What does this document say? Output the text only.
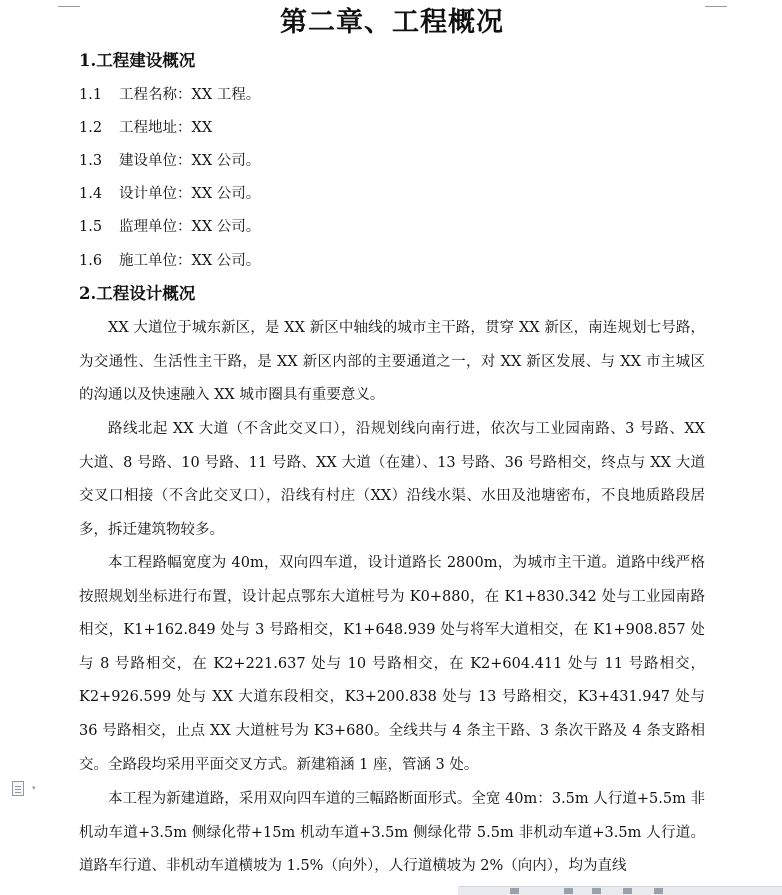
第二章、工程概况
1.工程建设概况
1.1 工程名称：XX 工程。
1.2 工程地址：XX
1.3 建设单位：XX 公司。
1.4 设计单位：XX 公司。
1.5 监理单位：XX 公司。
1.6 施工单位：XX 公司。
2.工程设计概况

XX 大道位于城东新区，是 XX 新区中轴线的城市主干路，贯穿 XX 新区，南连规划七号路，为交通性、生活性主干路，是 XX 新区内部的主要通道之一，对 XX 新区发展、与 XX 市主城区的沟通以及快速融入 XX 城市圈具有重要意义。

路线北起 XX 大道（不含此交叉口），沿规划线向南行进，依次与工业园南路、3 号路、XX 大道、8 号路、10 号路、11 号路、XX 大道（在建）、13 号路、36 号路相交，终点与 XX 大道交叉口相接（不含此交叉口），沿线有村庄（XX）沿线水渠、水田及池塘密布，不良地质路段居多，拆迁建筑物较多。

本工程路幅宽度为 40m，双向四车道，设计道路长 2800m，为城市主干道。道路中线严格按照规划坐标进行布置，设计起点鄂东大道桩号为 K0+880，在 K1+830.342 处与工业园南路相交，K1+162.849 处与 3 号路相交，K1+648.939 处与将军大道相交，在 K1+908.857 处与 8 号路相交，在 K2+221.637 处与 10 号路相交，在 K2+604.411 处与 11 号路相交，K2+926.599 处与 XX 大道东段相交，K3+200.838 处与 13 号路相交，K3+431.947 处与 36 号路相交，止点 XX 大道桩号为 K3+680。全线共与 4 条主干路、3 条次干路及 4 条支路相交。全路段均采用平面交叉方式。新建箱涵 1 座，管涵 3 处。

本工程为新建道路，采用双向四车道的三幅路断面形式。全宽 40m：3.5m 人行道+5.5m 非机动车道+3.5m 侧绿化带+15m 机动车道+3.5m 侧绿化带 5.5m 非机动车道+3.5m 人行道。道路车行道、非机动车道横坡为 1.5%（向外），人行道横坡为 2%（向内），均为直线

▾
